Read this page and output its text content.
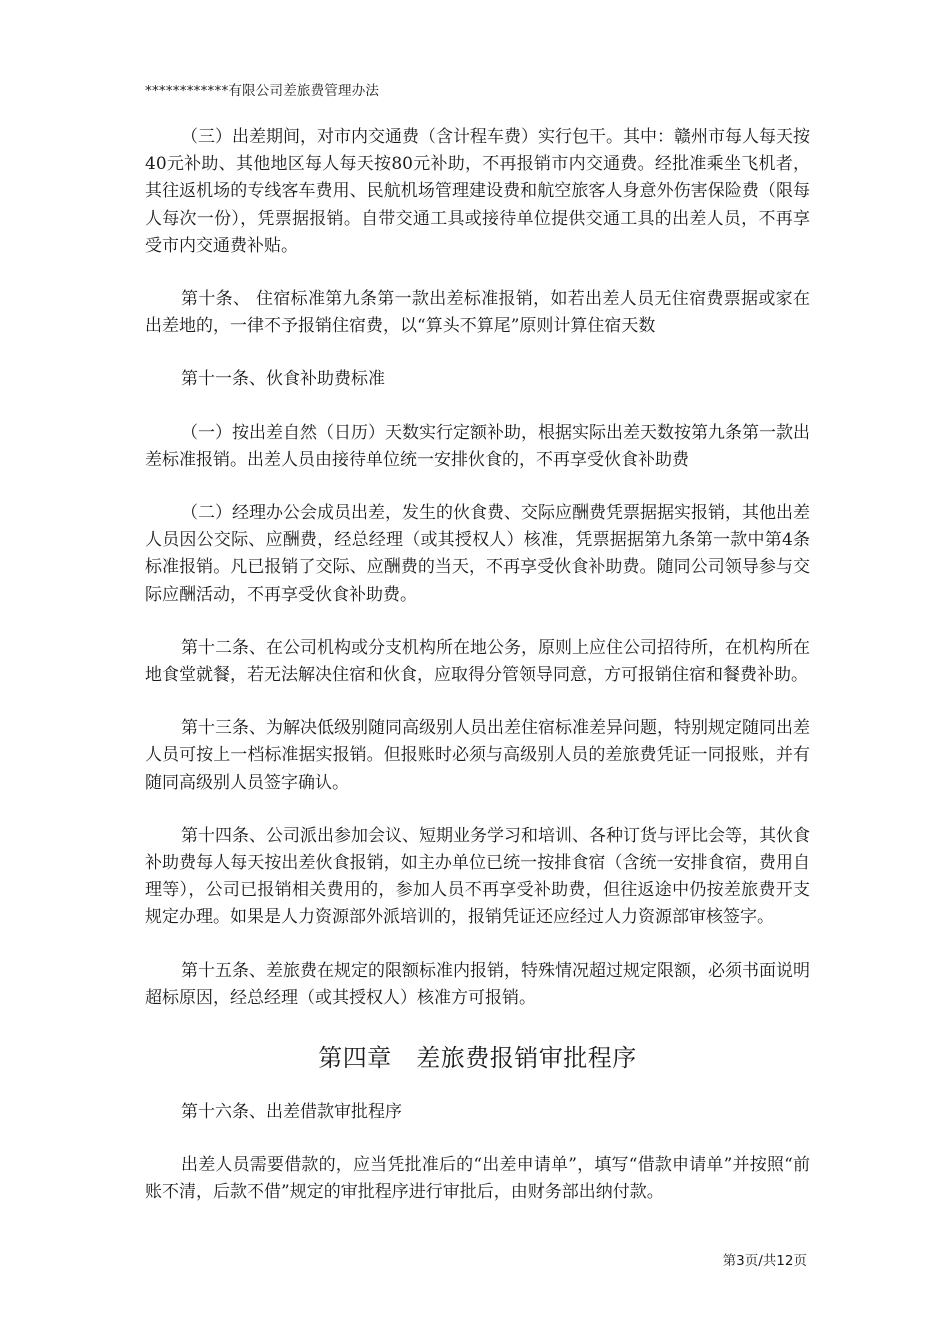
************有限公司差旅费管理办法

（三）出差期间，对市内交通费（含计程车费）实行包干。其中：赣州市每人每天按40元补助、其他地区每人每天按80元补助，不再报销市内交通费。经批准乘坐飞机者，其往返机场的专线客车费用、民航机场管理建设费和航空旅客人身意外伤害保险费（限每人每次一份），凭票据报销。自带交通工具或接待单位提供交通工具的出差人员，不再享受市内交通费补贴。

第十条、 住宿标准第九条第一款出差标准报销，如若出差人员无住宿费票据或家在出差地的，一律不予报销住宿费，以“算头不算尾”原则计算住宿天数

第十一条、伙食补助费标准

（一）按出差自然（日历）天数实行定额补助，根据实际出差天数按第九条第一款出差标准报销。出差人员由接待单位统一安排伙食的，不再享受伙食补助费

（二）经理办公会成员出差，发生的伙食费、交际应酬费凭票据据实报销，其他出差人员因公交际、应酬费，经总经理（或其授权人）核准，凭票据据第九条第一款中第4条标准报销。凡已报销了交际、应酬费的当天，不再享受伙食补助费。随同公司领导参与交际应酬活动，不再享受伙食补助费。

第十二条、在公司机构或分支机构所在地公务，原则上应住公司招待所，在机构所在地食堂就餐，若无法解决住宿和伙食，应取得分管领导同意，方可报销住宿和餐费补助。

第十三条、为解决低级别随同高级别人员出差住宿标准差异问题，特别规定随同出差人员可按上一档标准据实报销。但报账时必须与高级别人员的差旅费凭证一同报账，并有随同高级别人员签字确认。

第十四条、公司派出参加会议、短期业务学习和培训、各种订货与评比会等，其伙食补助费每人每天按出差伙食报销，如主办单位已统一按排食宿（含统一安排食宿，费用自理等），公司已报销相关费用的，参加人员不再享受补助费，但往返途中仍按差旅费开支规定办理。如果是人力资源部外派培训的，报销凭证还应经过人力资源部审核签字。

第十五条、差旅费在规定的限额标准内报销，特殊情况超过规定限额，必须书面说明超标原因，经总经理（或其授权人）核准方可报销。

第四章　差旅费报销审批程序

第十六条、出差借款审批程序

出差人员需要借款的，应当凭批准后的“出差申请单”，填写“借款申请单”并按照“前账不清，后款不借”规定的审批程序进行审批后，由财务部出纳付款。

第3页/共12页
